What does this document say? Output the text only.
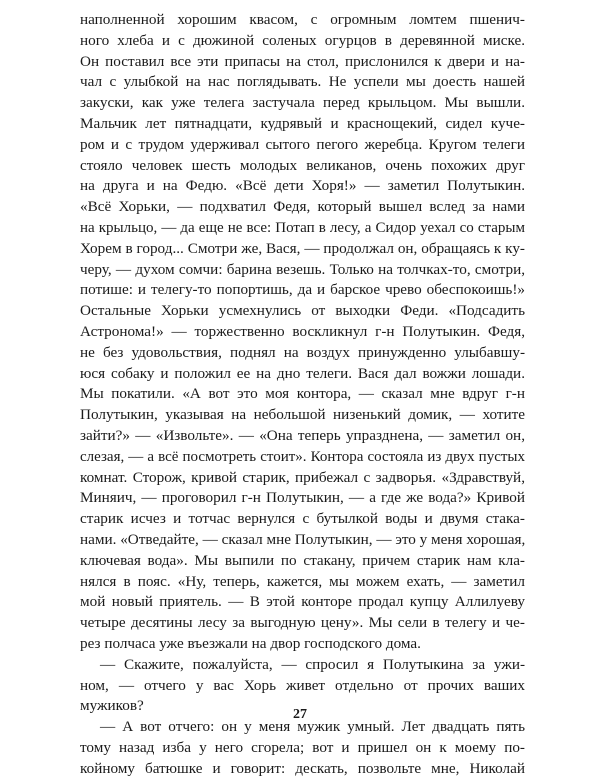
наполненной хорошим квасом, с огромным ломтем пшенич-
ного хлеба и с дюжиной соленых огурцов в деревянной миске.
Он поставил все эти припасы на стол, прислонился к двери и на-
чал с улыбкой на нас поглядывать. Не успели мы доесть нашей
закуски, как уже телега застучала перед крыльцом. Мы вышли.
Мальчик лет пятнадцати, кудрявый и краснощекий, сидел куче-
ром и с трудом удерживал сытого пегого жеребца. Кругом телеги
стояло человек шесть молодых великанов, очень похожих друг
на друга и на Федю. «Всё дети Хоря!» — заметил Полутыкин.
«Всё Хорьки, — подхватил Федя, который вышел вслед за нами
на крыльцо, — да еще не все: Потап в лесу, а Сидор уехал со старым
Хорем в город... Смотри же, Вася, — продолжал он, обращаясь к ку-
черу, — духом сомчи: барина везешь. Только на толчках-то, смотри,
потише: и телегу-то попортишь, да и барское чрево обеспокоишь!»
Остальные Хорьки усмехнулись от выходки Феди. «Подсадить
Астронома!» — торжественно воскликнул г-н Полутыкин. Федя,
не без удовольствия, поднял на воздух принужденно улыбавшу-
юся собаку и положил ее на дно телеги. Вася дал вожжи лошади.
Мы покатили. «А вот это моя контора, — сказал мне вдруг г-н
Полутыкин, указывая на небольшой низенький домик, — хотите
зайти?» — «Извольте». — «Она теперь упразднена, — заметил он,
слезая, — а всё посмотреть стоит». Контора состояла из двух пустых
комнат. Сторож, кривой старик, прибежал с задворья. «Здравствуй,
Миняич, — проговорил г-н Полутыкин, — а где же вода?» Кривой
старик исчез и тотчас вернулся с бутылкой воды и двумя стака-
нами. «Отведайте, — сказал мне Полутыкин, — это у меня хорошая,
ключевая вода». Мы выпили по стакану, причем старик нам кла-
нялся в пояс. «Ну, теперь, кажется, мы можем ехать, — заметил
мой новый приятель. — В этой конторе продал купцу Аллилуеву
четыре десятины лесу за выгодную цену». Мы сели в телегу и че-
рез полчаса уже въезжали на двор господского дома.
— Скажите, пожалуйста, — спросил я Полутыкина за ужи-
ном, — отчего у вас Хорь живет отдельно от прочих ваших
мужиков?
— А вот отчего: он у меня мужик умный. Лет двадцать пять
тому назад изба у него сгорела; вот и пришел он к моему по-
койному батюшке и говорит: дескать, позвольте мне, Николай
27
